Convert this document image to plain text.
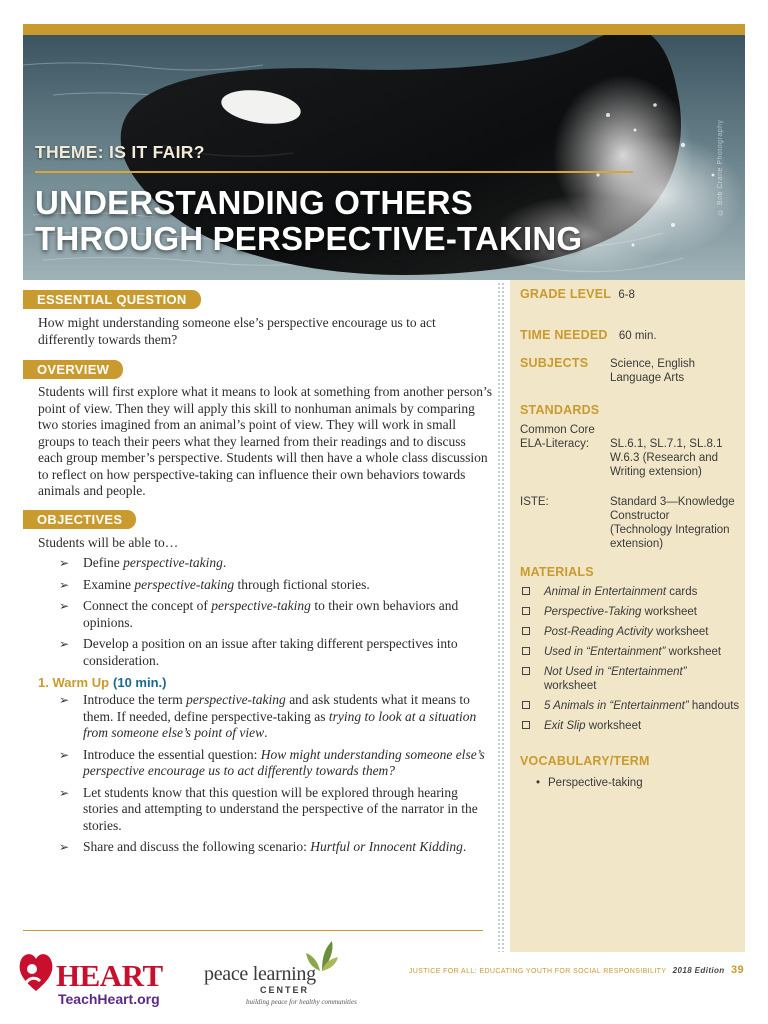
© Bob Crane Photography
THEME: IS IT FAIR?
UNDERSTANDING OTHERS
THROUGH PERSPECTIVE-TAKING
ESSENTIAL QUESTION

How might understanding someone else’s perspective encourage us to act differently towards them?

OVERVIEW

Students will first explore what it means to look at something from another person’s point of view. Then they will apply this skill to nonhuman animals by comparing two stories imagined from an animal’s point of view. They will work in small groups to teach their peers what they learned from their readings and to discuss each group member’s perspective. Students will then have a whole class discussion to reflect on how perspective-taking can influence their own behaviors towards animals and people.

OBJECTIVES

Students will be able to…

➢ Define perspective-taking.
➢ Examine perspective-taking through fictional stories.
➢ Connect the concept of perspective-taking to their own behaviors and opinions.
➢ Develop a position on an issue after taking different perspectives into consideration.
1. Warm Up (10 min.)
➢ Introduce the term perspective-taking and ask students what it means to them. If needed, define perspective-taking as trying to look at a situation from someone else’s point of view.
➢ Introduce the essential question: How might understanding someone else’s perspective encourage us to act differently towards them?
➢ Let students know that this question will be explored through hearing stories and attempting to understand the perspective of the narrator in the stories.
➢ Share and discuss the following scenario: Hurtful or Innocent Kidding.
GRADE LEVEL 6-8
TIME NEEDED 60 min.
SUBJECTS Science, English
Language Arts
STANDARDS
Common Core
ELA-Literacy:	SL.6.1, SL.7.1, SL.8.1
W.6.3 (Research and
Writing extension)
ISTE:	Standard 3—Knowledge
Constructor
(Technology Integration
extension)
MATERIALS
Animal in Entertainment cards
Perspective-Taking worksheet
Post-Reading Activity worksheet
Used in “Entertainment” worksheet
Not Used in “Entertainment”
worksheet
5 Animals in “Entertainment” handouts
Exit Slip worksheet
VOCABULARY/TERM
• Perspective-taking
HEART
TeachHeart.org
peace learning
CENTER
building peace for healthy communities
JUSTICE FOR ALL: EDUCATING YOUTH FOR SOCIAL RESPONSIBILITY 2018 Edition 39
